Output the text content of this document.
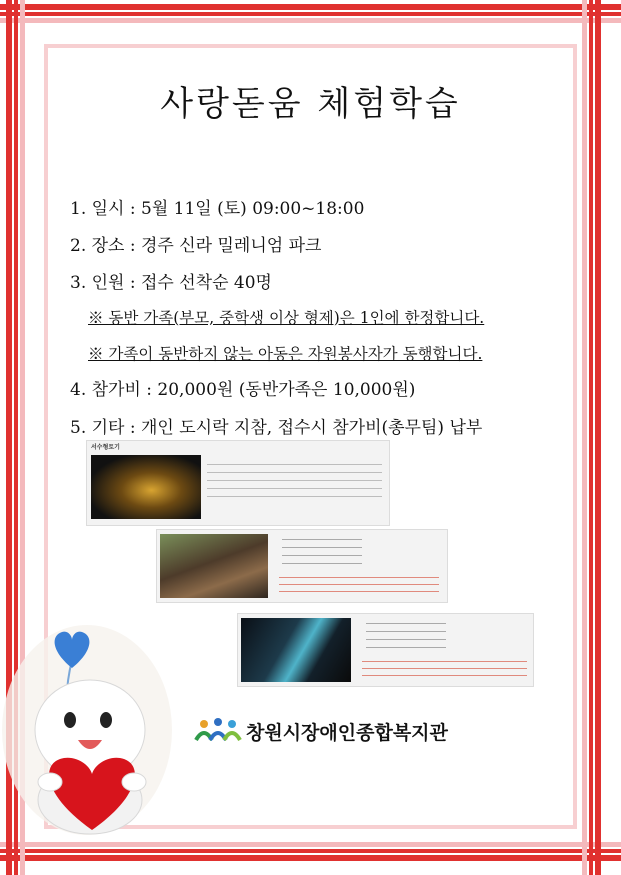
사랑돋움 체험학습
1. 일시 : 5월 11일 (토) 09:00~18:00
2. 장소 : 경주 신라 밀레니엄 파크
3. 인원 : 접수 선착순 40명
※ 동반 가족(부모, 중학생 이상 형제)은 1인에 한정합니다.
※ 가족이 동반하지 않는 아동은 자원봉사자가 동행합니다.
4. 참가비 : 20,000원 (동반가족은 10,000원)
5. 기타 : 개인 도시락 지참, 접수시 참가비(총무팀) 납부
서수형토기
창원시장애인종합복지관
